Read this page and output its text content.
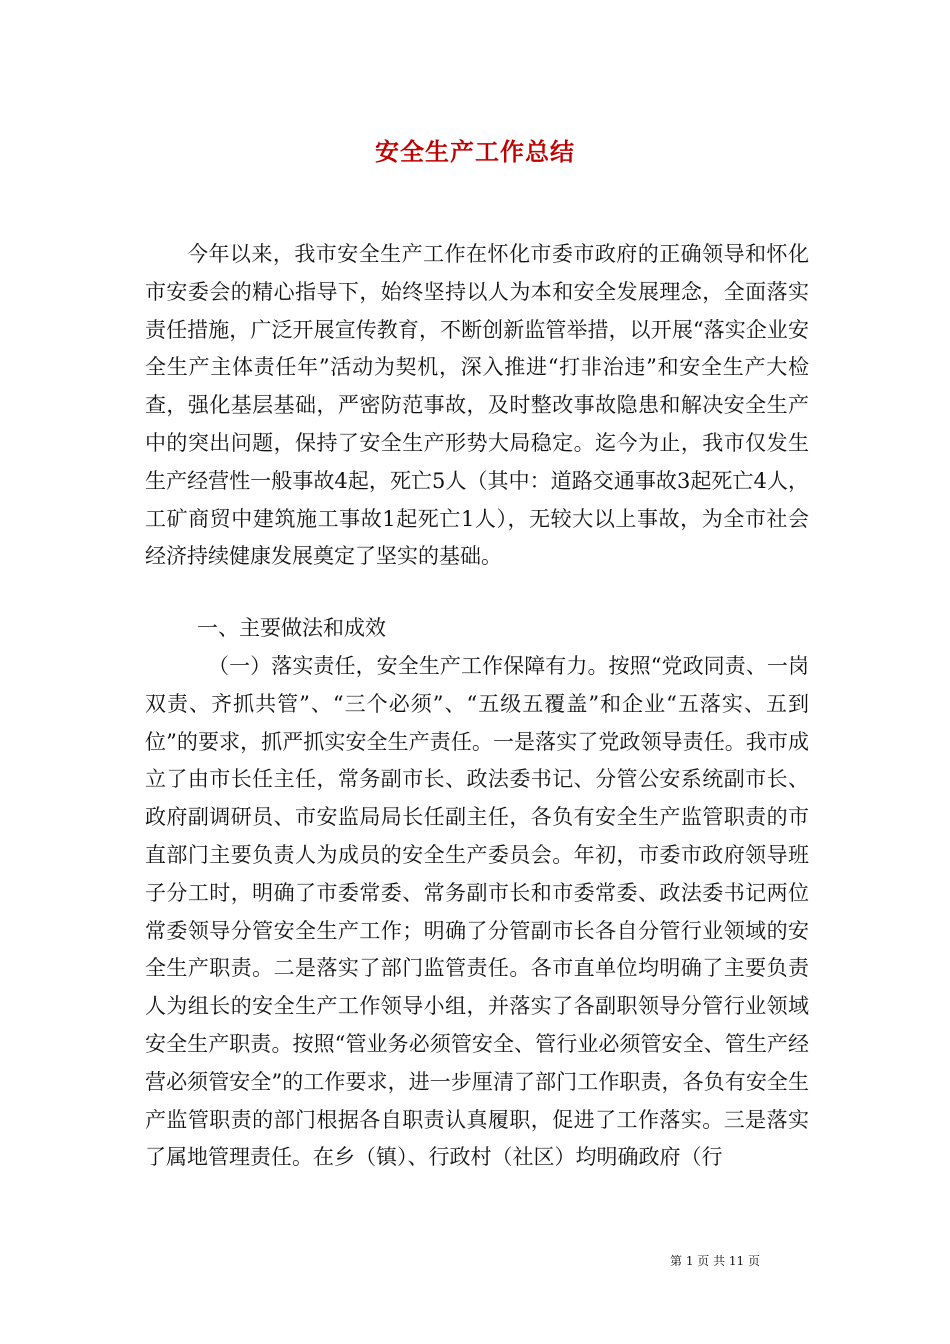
安全生产工作总结
今年以来，我市安全生产工作在怀化市委市政府的正确领导和怀化市安委会的精心指导下，始终坚持以人为本和安全发展理念，全面落实责任措施，广泛开展宣传教育，不断创新监管举措，以开展“落实企业安全生产主体责任年”活动为契机，深入推进“打非治违”和安全生产大检查，强化基层基础，严密防范事故，及时整改事故隐患和解决安全生产中的突出问题，保持了安全生产形势大局稳定。迄今为止，我市仅发生生产经营性一般事故4起，死亡5人（其中：道路交通事故3起死亡4人，工矿商贸中建筑施工事故1起死亡1人），无较大以上事故，为全市社会经济持续健康发展奠定了坚实的基础。
一、主要做法和成效
（一）落实责任，安全生产工作保障有力。按照“党政同责、一岗双责、齐抓共管”、“三个必须”、“五级五覆盖”和企业“五落实、五到位”的要求，抓严抓实安全生产责任。一是落实了党政领导责任。我市成立了由市长任主任，常务副市长、政法委书记、分管公安系统副市长、政府副调研员、市安监局局长任副主任，各负有安全生产监管职责的市直部门主要负责人为成员的安全生产委员会。年初，市委市政府领导班子分工时，明确了市委常委、常务副市长和市委常委、政法委书记两位常委领导分管安全生产工作；明确了分管副市长各自分管行业领域的安全生产职责。二是落实了部门监管责任。各市直单位均明确了主要负责人为组长的安全生产工作领导小组，并落实了各副职领导分管行业领域安全生产职责。按照“管业务必须管安全、管行业必须管安全、管生产经营必须管安全”的工作要求，进一步厘清了部门工作职责，各负有安全生产监管职责的部门根据各自职责认真履职，促进了工作落实。三是落实了属地管理责任。在乡（镇）、行政村（社区）均明确政府（行
第 1 页 共 11 页
